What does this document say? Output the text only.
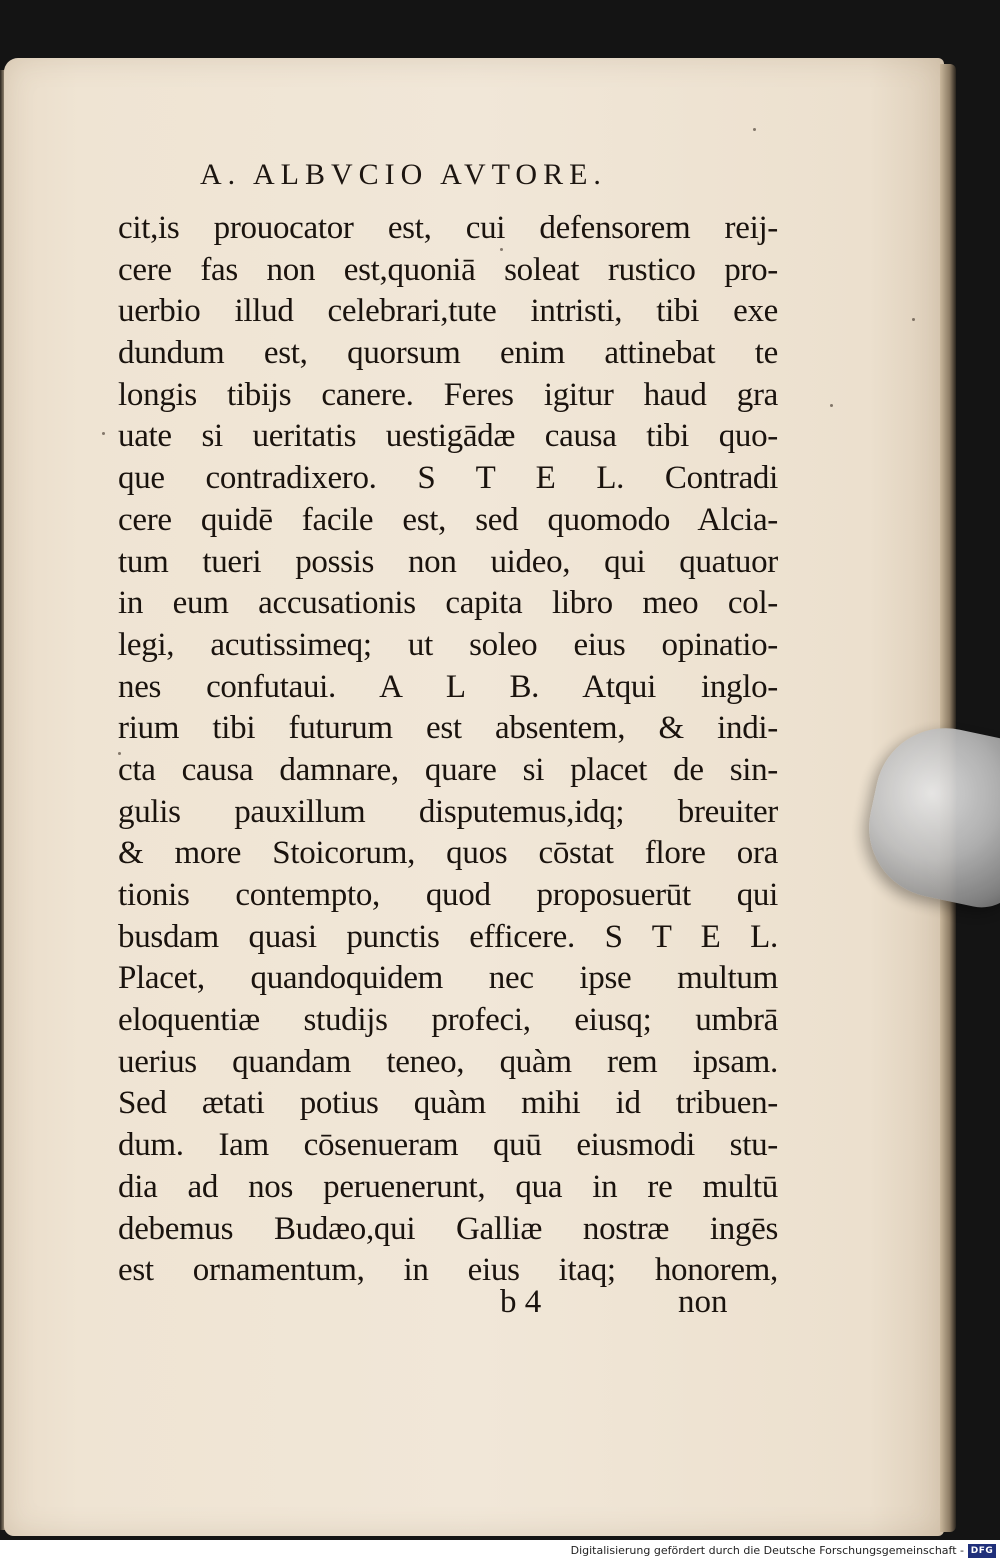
A. ALBVCIO AVTORE.
cit,is prouocator est, cui defensorem reij-
cere fas non est,quoniā soleat rustico pro-
uerbio illud celebrari,tute intristi, tibi exe
dundum est, quorsum enim attinebat te
longis tibijs canere. Feres igitur haud gra
uate si ueritatis uestigādæ causa tibi quo-
que contradixero. S T E L. Contradi
cere quidē facile est, sed quomodo Alcia-
tum tueri possis non uideo, qui quatuor
in eum accusationis capita libro meo col-
legi, acutissimeq; ut soleo eius opinatio-
nes confutaui. A L B. Atqui inglo-
rium tibi futurum est absentem, & indi-
cta causa damnare, quare si placet de sin-
gulis pauxillum disputemus,idq; breuiter
& more Stoicorum, quos cōstat flore ora
tionis contempto, quod proposuerūt qui
busdam quasi punctis efficere. S T E L.
Placet, quandoquidem nec ipse multum
eloquentiæ studijs profeci, eiusq; umbrā
uerius quandam teneo, quàm rem ipsam.
Sed ætati potius quàm mihi id tribuen-
dum. Iam cōsenueram quū eiusmodi stu-
dia ad nos peruenerunt, qua in re multū
debemus Budæo,qui Galliæ nostræ ingēs
est ornamentum, in eius itaq; honorem,
b 4	non
Digitalisierung gefördert durch die Deutsche Forschungsgemeinschaft - DFG
